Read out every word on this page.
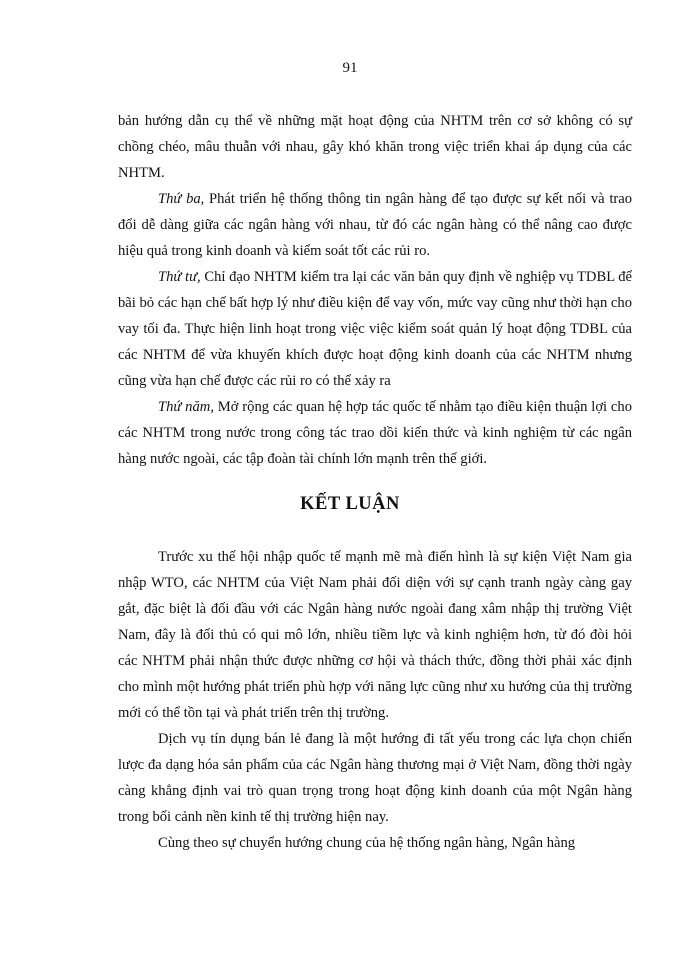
91

bản hướng dẫn cụ thể về những mặt hoạt động của NHTM trên cơ sở không có sự chồng chéo, mâu thuẫn với nhau, gây khó khăn trong việc triển khai áp dụng của các NHTM.

Thứ ba, Phát triển hệ thống thông tin ngân hàng để tạo được sự kết nối và trao đổi dễ dàng giữa các ngân hàng với nhau, từ đó các ngân hàng có thể nâng cao được hiệu quả trong kinh doanh và kiểm soát tốt các rủi ro.

Thứ tư, Chỉ đạo NHTM kiểm tra lại các văn bản quy định về nghiệp vụ TDBL để bãi bỏ các hạn chế bất hợp lý như điều kiện để vay vốn, mức vay cũng như thời hạn cho vay tối đa. Thực hiện linh hoạt trong việc việc kiểm soát quản lý hoạt động TDBL của các NHTM để vừa khuyến khích được hoạt động kinh doanh của các NHTM nhưng cũng vừa hạn chế được các rủi ro có thể xảy ra

Thứ năm, Mở rộng các quan hệ hợp tác quốc tế nhằm tạo điều kiện thuận lợi cho các NHTM trong nước trong công tác trao dồi kiến thức và kinh nghiệm từ các ngân hàng nước ngoài, các tập đoàn tài chính lớn mạnh trên thế giới.

KẾT LUẬN

Trước xu thế hội nhập quốc tế mạnh mẽ mà điển hình là sự kiện Việt Nam gia nhập WTO, các NHTM của Việt Nam phải đối diện với sự cạnh tranh ngày càng gay gắt, đặc biệt là đối đầu với các Ngân hàng nước ngoài đang xâm nhập thị trường Việt Nam, đây là đối thủ có qui mô lớn, nhiều tiềm lực và kinh nghiệm hơn, từ đó đòi hỏi các NHTM phải nhận thức được những cơ hội và thách thức, đồng thời phải xác định cho mình một hướng phát triển phù hợp với năng lực cũng như xu hướng của thị trường mới có thể tồn tại và phát triển trên thị trường.

Dịch vụ tín dụng bán lẻ đang là một hướng đi tất yếu trong các lựa chọn chiến lược đa dạng hóa sản phẩm của các Ngân hàng thương mại ở Việt Nam, đồng thời ngày càng khẳng định vai trò quan trọng trong hoạt động kinh doanh của một Ngân hàng trong bối cảnh nền kinh tế thị trường hiện nay.

Cùng theo sự chuyển hướng chung của hệ thống ngân hàng, Ngân hàng
